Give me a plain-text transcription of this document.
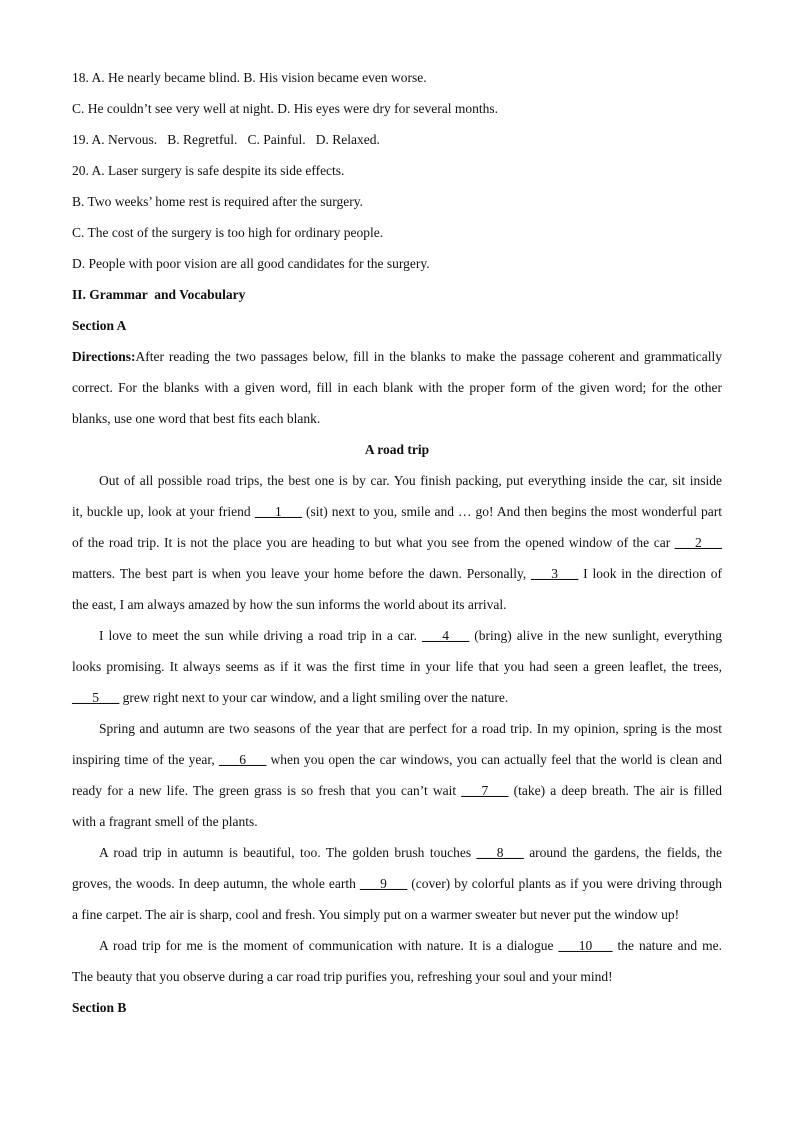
18. A. He nearly became blind. B. His vision became even worse.
C. He couldn’t see very well at night. D. His eyes were dry for several months.
19. A. Nervous.   B. Regretful.   C. Painful.   D. Relaxed.
20. A. Laser surgery is safe despite its side effects.
B. Two weeks’ home rest is required after the surgery.
C. The cost of the surgery is too high for ordinary people.
D. People with poor vision are all good candidates for the surgery.
II. Grammar  and Vocabulary
Section A
Directions:After reading the two passages below, fill in the blanks to make the passage coherent and grammatically
correct. For the blanks with a given word, fill in each blank with the proper form of the given word; for the other
blanks, use one word that best fits each blank.
A road trip
Out of all possible road trips, the best one is by car. You finish packing, put everything inside the car, sit inside
it, buckle up, look at your friend ___1___ (sit) next to you, smile and … go! And then begins the most wonderful part
of the road trip. It is not the place you are heading to but what you see from the opened window of the car ___2___
matters. The best part is when you leave your home before the dawn. Personally, ___3___ I look in the direction of
the east, I am always amazed by how the sun informs the world about its arrival.
I love to meet the sun while driving a road trip in a car. ___4___ (bring) alive in the new sunlight, everything
looks promising. It always seems as if it was the first time in your life that you had seen a green leaflet, the trees,
___5___ grew right next to your car window, and a light smiling over the nature.
Spring and autumn are two seasons of the year that are perfect for a road trip. In my opinion, spring is the most
inspiring time of the year, ___6___ when you open the car windows, you can actually feel that the world is clean and
ready for a new life. The green grass is so fresh that you can’t wait ___7___ (take) a deep breath. The air is filled
with a fragrant smell of the plants.
A road trip in autumn is beautiful, too. The golden brush touches ___8___ around the gardens, the fields, the
groves, the woods. In deep autumn, the whole earth ___9___ (cover) by colorful plants as if you were driving through
a fine carpet. The air is sharp, cool and fresh. You simply put on a warmer sweater but never put the window up!
A road trip for me is the moment of communication with nature. It is a dialogue ___10___ the nature and me.
The beauty that you observe during a car road trip purifies you, refreshing your soul and your mind!
Section B
